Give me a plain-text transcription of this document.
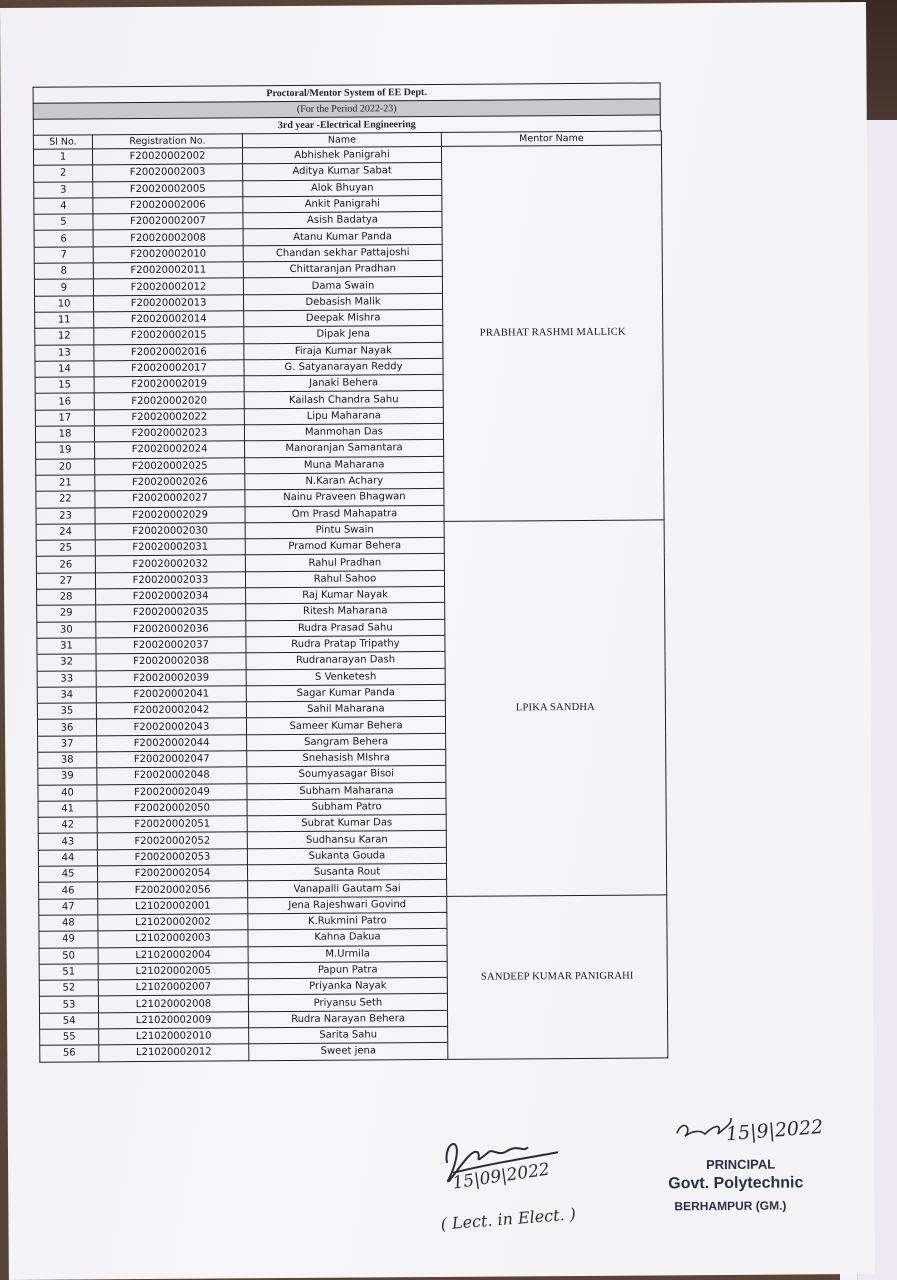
Proctoral/Mentor System of EE Dept.
(For the Period 2022-23)
3rd year -Electrical Engineering
Sl No.	Registration No.	Name	Mentor Name
1	F20020002002	Abhishek Panigrahi	PRABHAT RASHMI MALLICK
2	F20020002003	Aditya Kumar Sabat	
3	F20020002005	Alok Bhuyan	
4	F20020002006	Ankit Panigrahi	
5	F20020002007	Asish Badatya	
6	F20020002008	Atanu Kumar Panda	
7	F20020002010	Chandan sekhar Pattajoshi	
8	F20020002011	Chittaranjan Pradhan	
9	F20020002012	Dama Swain	
10	F20020002013	Debasish Malik	
11	F20020002014	Deepak Mishra	
12	F20020002015	Dipak Jena	
13	F20020002016	Firaja Kumar Nayak	
14	F20020002017	G. Satyanarayan Reddy	
15	F20020002019	Janaki Behera	
16	F20020002020	Kailash Chandra Sahu	
17	F20020002022	Lipu Maharana	
18	F20020002023	Manmohan Das	
19	F20020002024	Manoranjan Samantara	
20	F20020002025	Muna Maharana	
21	F20020002026	N.Karan Achary	
22	F20020002027	Nainu Praveen Bhagwan	
23	F20020002029	Om Prasd Mahapatra	
24	F20020002030	Pintu Swain	LPIKA SANDHA
25	F20020002031	Pramod Kumar Behera	
26	F20020002032	Rahul Pradhan	
27	F20020002033	Rahul Sahoo	
28	F20020002034	Raj Kumar Nayak	
29	F20020002035	Ritesh Maharana	
30	F20020002036	Rudra Prasad Sahu	
31	F20020002037	Rudra Pratap Tripathy	
32	F20020002038	Rudranarayan Dash	
33	F20020002039	S Venketesh	
34	F20020002041	Sagar Kumar Panda	
35	F20020002042	Sahil Maharana	
36	F20020002043	Sameer Kumar Behera	
37	F20020002044	Sangram Behera	
38	F20020002047	Snehasish MIshra	
39	F20020002048	Soumyasagar Bisoi	
40	F20020002049	Subham Maharana	
41	F20020002050	Subham Patro	
42	F20020002051	Subrat Kumar Das	
43	F20020002052	Sudhansu Karan	
44	F20020002053	Sukanta Gouda	
45	F20020002054	Susanta Rout	
46	F20020002056	Vanapalli Gautam Sai	
47	L21020002001	Jena Rajeshwari Govind	SANDEEP KUMAR PANIGRAHI
48	L21020002002	K.Rukmini Patro	
49	L21020002003	Kahna Dakua	
50	L21020002004	M.Urmila	
51	L21020002005	Papun Patra	
52	L21020002007	Priyanka Nayak	
53	L21020002008	Priyansu Seth	
54	L21020002009	Rudra Narayan Behera	
55	L21020002010	Sarita Sahu	
56	L21020002012	Sweet jena	
15|09|2022
( Lect. in Elect. )
15|9|2022
PRINCIPAL
Govt. Polytechnic
BERHAMPUR (GM.)
